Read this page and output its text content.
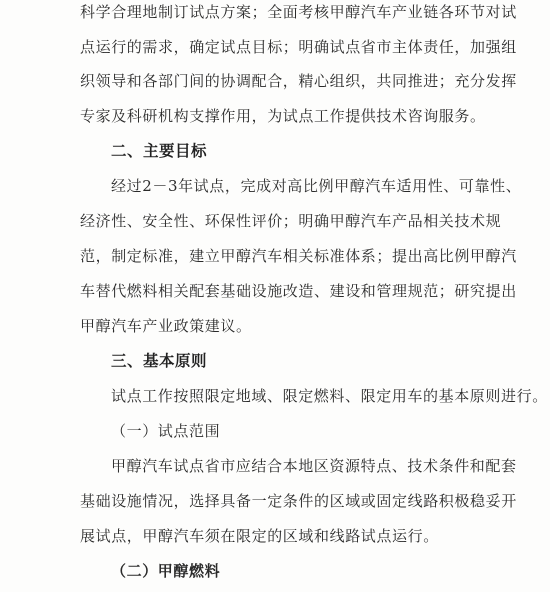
科学合理地制订试点方案；全面考核甲醇汽车产业链各环节对试
点运行的需求，确定试点目标；明确试点省市主体责任，加强组
织领导和各部门间的协调配合，精心组织，共同推进；充分发挥
专家及科研机构支撑作用，为试点工作提供技术咨询服务。
二、主要目标
经过2－3年试点，完成对高比例甲醇汽车适用性、可靠性、
经济性、安全性、环保性评价；明确甲醇汽车产品相关技术规
范，制定标准，建立甲醇汽车相关标准体系；提出高比例甲醇汽
车替代燃料相关配套基础设施改造、建设和管理规范；研究提出
甲醇汽车产业政策建议。
三、基本原则
试点工作按照限定地域、限定燃料、限定用车的基本原则进行。
（一）试点范围
甲醇汽车试点省市应结合本地区资源特点、技术条件和配套
基础设施情况，选择具备一定条件的区域或固定线路积极稳妥开
展试点，甲醇汽车须在限定的区域和线路试点运行。
（二）甲醇燃料
